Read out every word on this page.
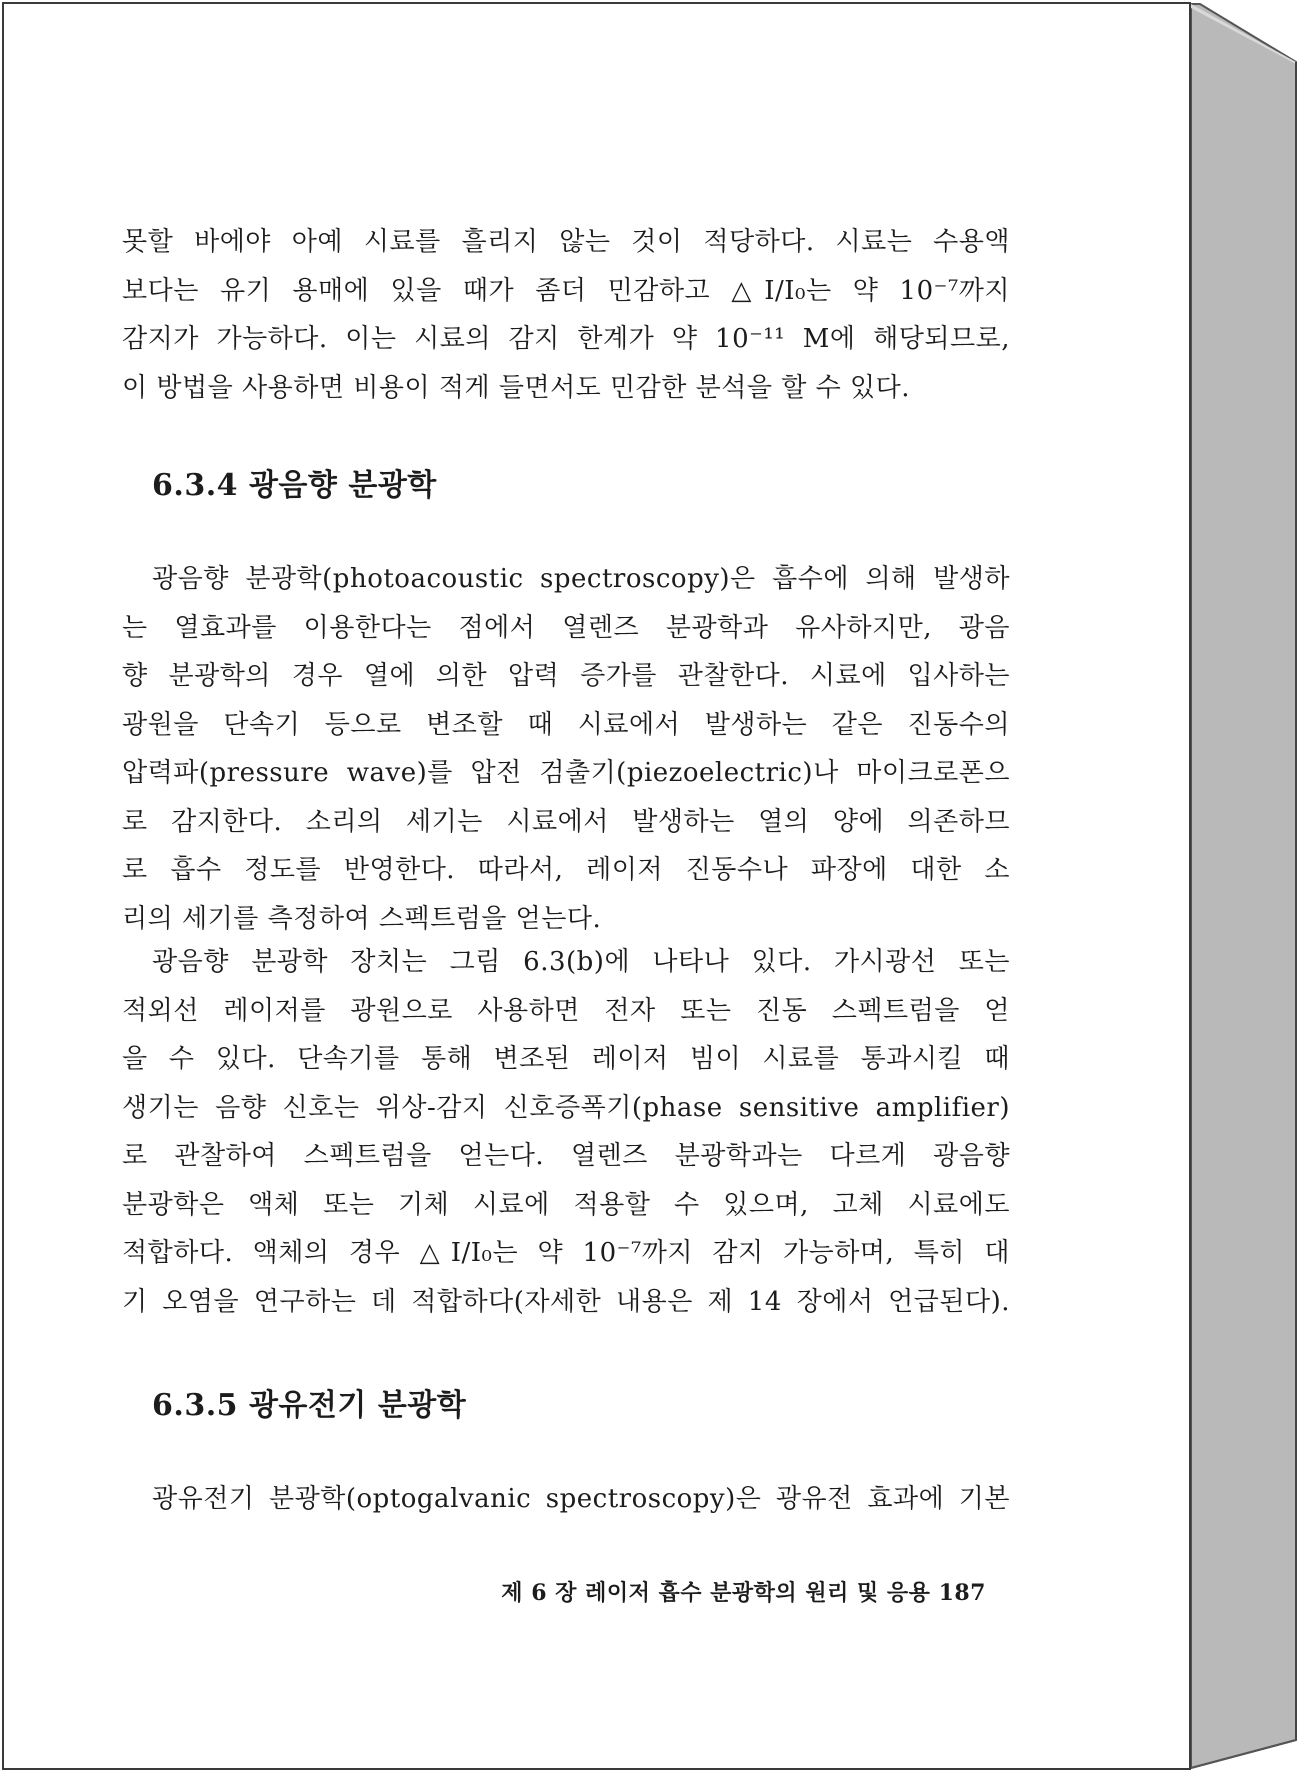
못할 바에야 아예 시료를 흘리지 않는 것이 적당하다. 시료는 수용액
보다는 유기 용매에 있을 때가 좀더 민감하고 △I/I₀는 약 10⁻⁷까지
감지가 가능하다. 이는 시료의 감지 한계가 약 10⁻¹¹ M에 해당되므로,
이 방법을 사용하면 비용이 적게 들면서도 민감한 분석을 할 수 있다.
6.3.4 광음향 분광학
광음향 분광학(photoacoustic spectroscopy)은 흡수에 의해 발생하
는 열효과를 이용한다는 점에서 열렌즈 분광학과 유사하지만, 광음
향 분광학의 경우 열에 의한 압력 증가를 관찰한다. 시료에 입사하는
광원을 단속기 등으로 변조할 때 시료에서 발생하는 같은 진동수의
압력파(pressure wave)를 압전 검출기(piezoelectric)나 마이크로폰으
로 감지한다. 소리의 세기는 시료에서 발생하는 열의 양에 의존하므
로 흡수 정도를 반영한다. 따라서, 레이저 진동수나 파장에 대한 소
리의 세기를 측정하여 스펙트럼을 얻는다.
광음향 분광학 장치는 그림 6.3(b)에 나타나 있다. 가시광선 또는
적외선 레이저를 광원으로 사용하면 전자 또는 진동 스펙트럼을 얻
을 수 있다. 단속기를 통해 변조된 레이저 빔이 시료를 통과시킬 때
생기는 음향 신호는 위상-감지 신호증폭기(phase sensitive amplifier)
로 관찰하여 스펙트럼을 얻는다. 열렌즈 분광학과는 다르게 광음향
분광학은 액체 또는 기체 시료에 적용할 수 있으며, 고체 시료에도
적합하다. 액체의 경우 △I/I₀는 약 10⁻⁷까지 감지 가능하며, 특히 대
기 오염을 연구하는 데 적합하다(자세한 내용은 제 14 장에서 언급된다).
6.3.5 광유전기 분광학
광유전기 분광학(optogalvanic spectroscopy)은 광유전 효과에 기본
제 6 장 레이저 흡수 분광학의 원리 및 응용 187
